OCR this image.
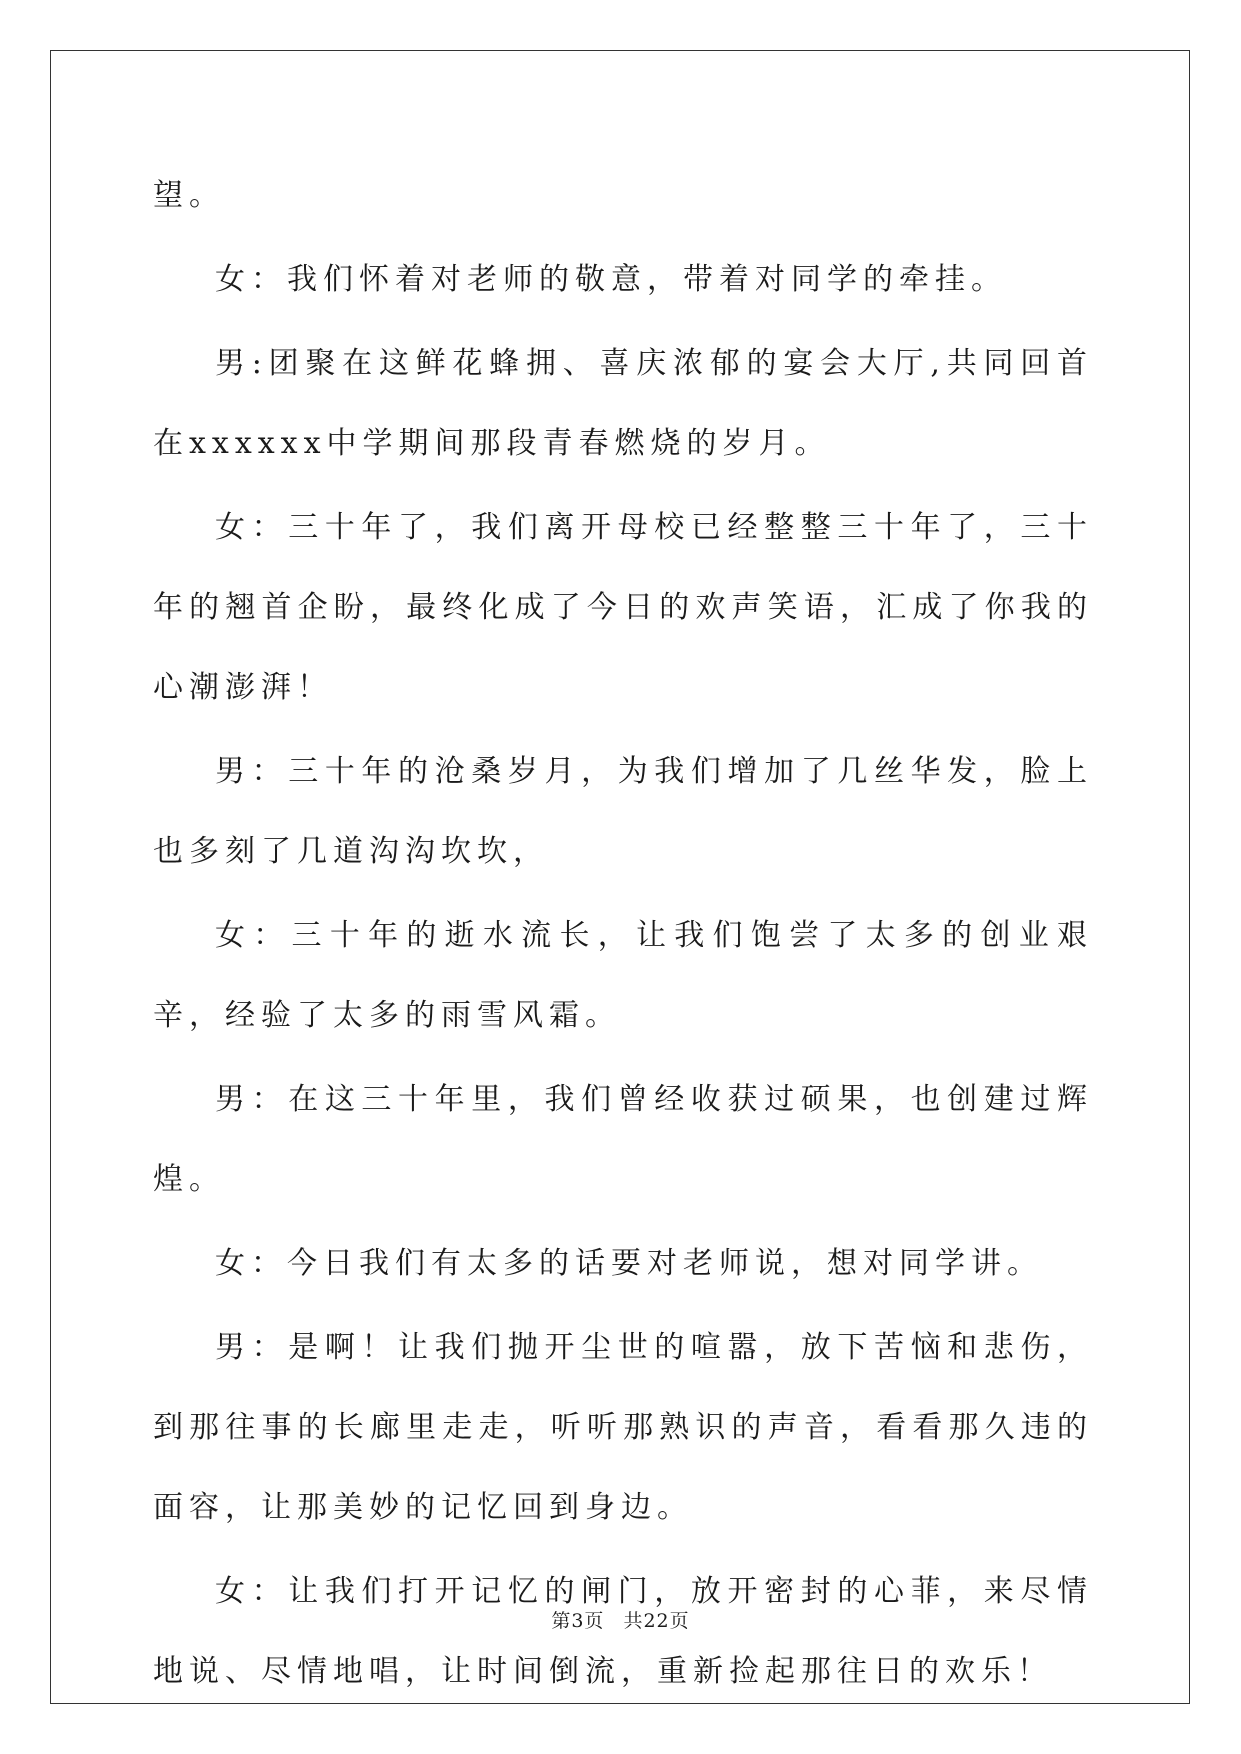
望。

女：我们怀着对老师的敬意，带着对同学的牵挂。

男:团聚在这鲜花蜂拥、喜庆浓郁的宴会大厅,共同回首在xxxxxx中学期间那段青春燃烧的岁月。

女：三十年了，我们离开母校已经整整三十年了，三十年的翘首企盼，最终化成了今日的欢声笑语，汇成了你我的心潮澎湃！

男：三十年的沧桑岁月，为我们增加了几丝华发，脸上也多刻了几道沟沟坎坎，

女：三十年的逝水流长，让我们饱尝了太多的创业艰辛，经验了太多的雨雪风霜。

男：在这三十年里，我们曾经收获过硕果，也创建过辉煌。

女：今日我们有太多的话要对老师说，想对同学讲。

男：是啊！让我们抛开尘世的喧嚣，放下苦恼和悲伤，到那往事的长廊里走走，听听那熟识的声音，看看那久违的面容，让那美妙的记忆回到身边。

女：让我们打开记忆的闸门，放开密封的心菲，来尽情地说、尽情地唱，让时间倒流，重新捡起那往日的欢乐！

第3页 共22页
